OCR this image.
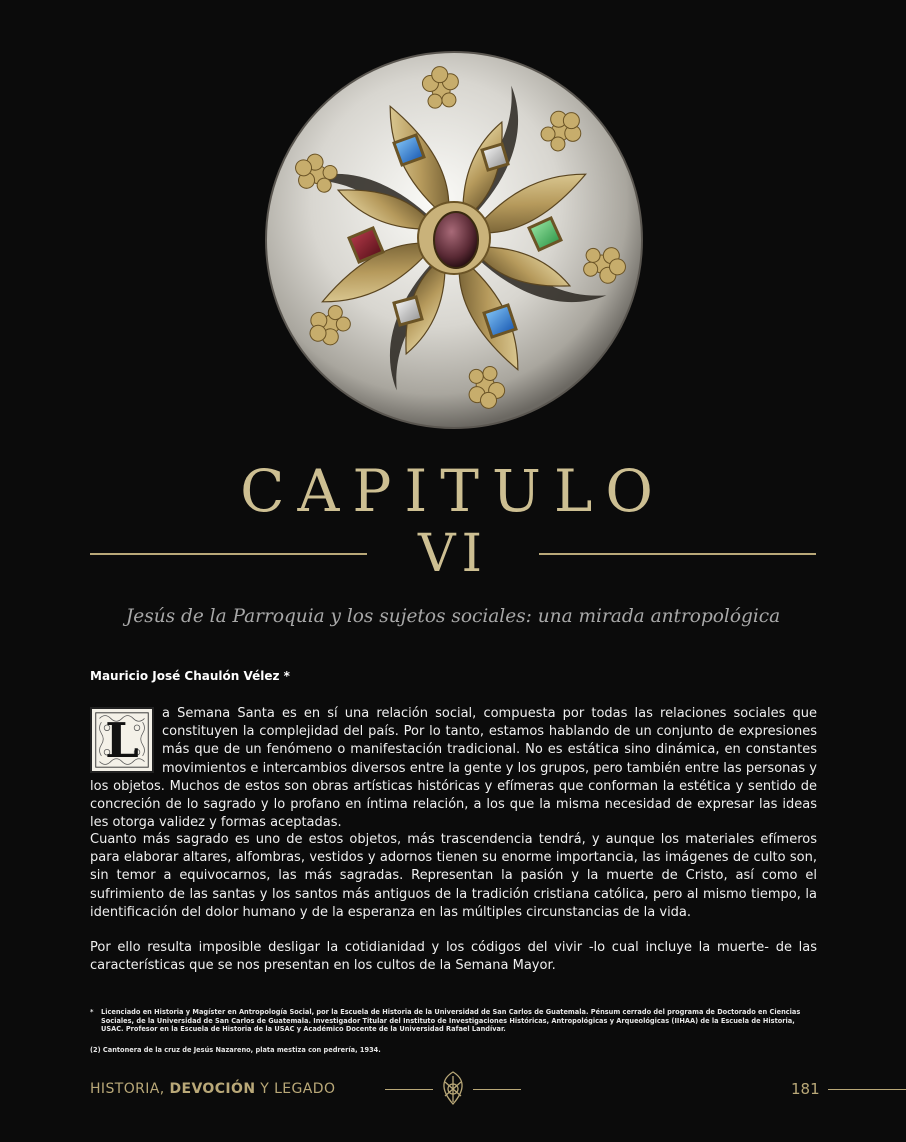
CAPITULO
VI
Jesús de la Parroquia y los sujetos sociales: una mirada antropológica
Mauricio José Chaulón Vélez *
L	a Semana Santa es en sí una relación social, compuesta por todas las relaciones sociales que constituyen la complejidad del país. Por lo tanto, estamos hablando de un conjunto de expresiones más que de un fenómeno o manifestación tradicional. No es estática sino dinámica, en constantes movimientos e intercambios diversos entre la gente y los grupos, pero también entre las personas y los objetos. Muchos de estos son obras artísticas históricas y efímeras que conforman la estética y sentido de concreción de lo sagrado y lo profano en íntima relación, a los que la misma necesidad de expresar las ideas les otorga validez y formas aceptadas.
Cuanto más sagrado es uno de estos objetos, más trascendencia tendrá, y aunque los materiales efímeros para elaborar altares, alfombras, vestidos y adornos tienen su enorme importancia, las imágenes de culto son, sin temor a equivocarnos, las más sagradas. Representan la pasión y la muerte de Cristo, así como el sufrimiento de las santas y los santos más antiguos de la tradición cristiana católica, pero al mismo tiempo, la identificación del dolor humano y de la esperanza en las múltiples circunstancias de la vida.
Por ello resulta imposible desligar la cotidianidad y los códigos del vivir -lo cual incluye la muerte- de las características que se nos presentan en los cultos de la Semana Mayor.
* Licenciado en Historia y Magíster en Antropología Social, por la Escuela de Historia de la Universidad de San Carlos de Guatemala. Pénsum cerrado del programa de Doctorado en Ciencias Sociales, de la Universidad de San Carlos de Guatemala. Investigador Titular del Instituto de Investigaciones Históricas, Antropológicas y Arqueológicas (IIHAA) de la Escuela de Historia, USAC. Profesor en la Escuela de Historia de la USAC y Académico Docente de la Universidad Rafael Landívar.
(2) Cantonera de la cruz de Jesús Nazareno, plata mestiza con pedrería, 1934.
HISTORIA, DEVOCIÓN Y LEGADO	181
